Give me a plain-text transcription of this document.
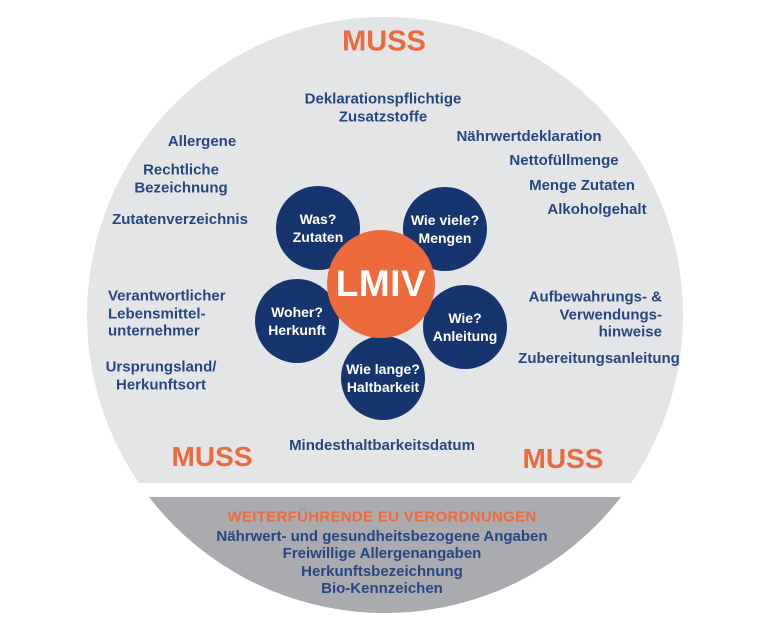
MUSS
MUSS	MUSS
Deklarationspflichtige
Zusatzstoffe
Nährwertdeklaration
Nettofüllmenge
Menge Zutaten
Alkoholgehalt
Allergene
Rechtliche
Bezeichnung
Zutatenverzeichnis
Verantwortlicher
Lebensmittel-
unternehmer
Ursprungsland/
Herkunftsort
Aufbewahrungs- &
Verwendungs-
hinweise
Zubereitungsanleitung
Mindesthaltbarkeitsdatum
Was?
Zutaten
Wie viele?
Mengen
Woher?
Herkunft
Wie?
Anleitung
Wie lange?
Haltbarkeit
LMIV
WEITERFÜHRENDE EU VERORDNUNGEN
Nährwert- und gesundheitsbezogene Angaben
Freiwillige Allergenangaben
Herkunftsbezeichnung
Bio-Kennzeichen
